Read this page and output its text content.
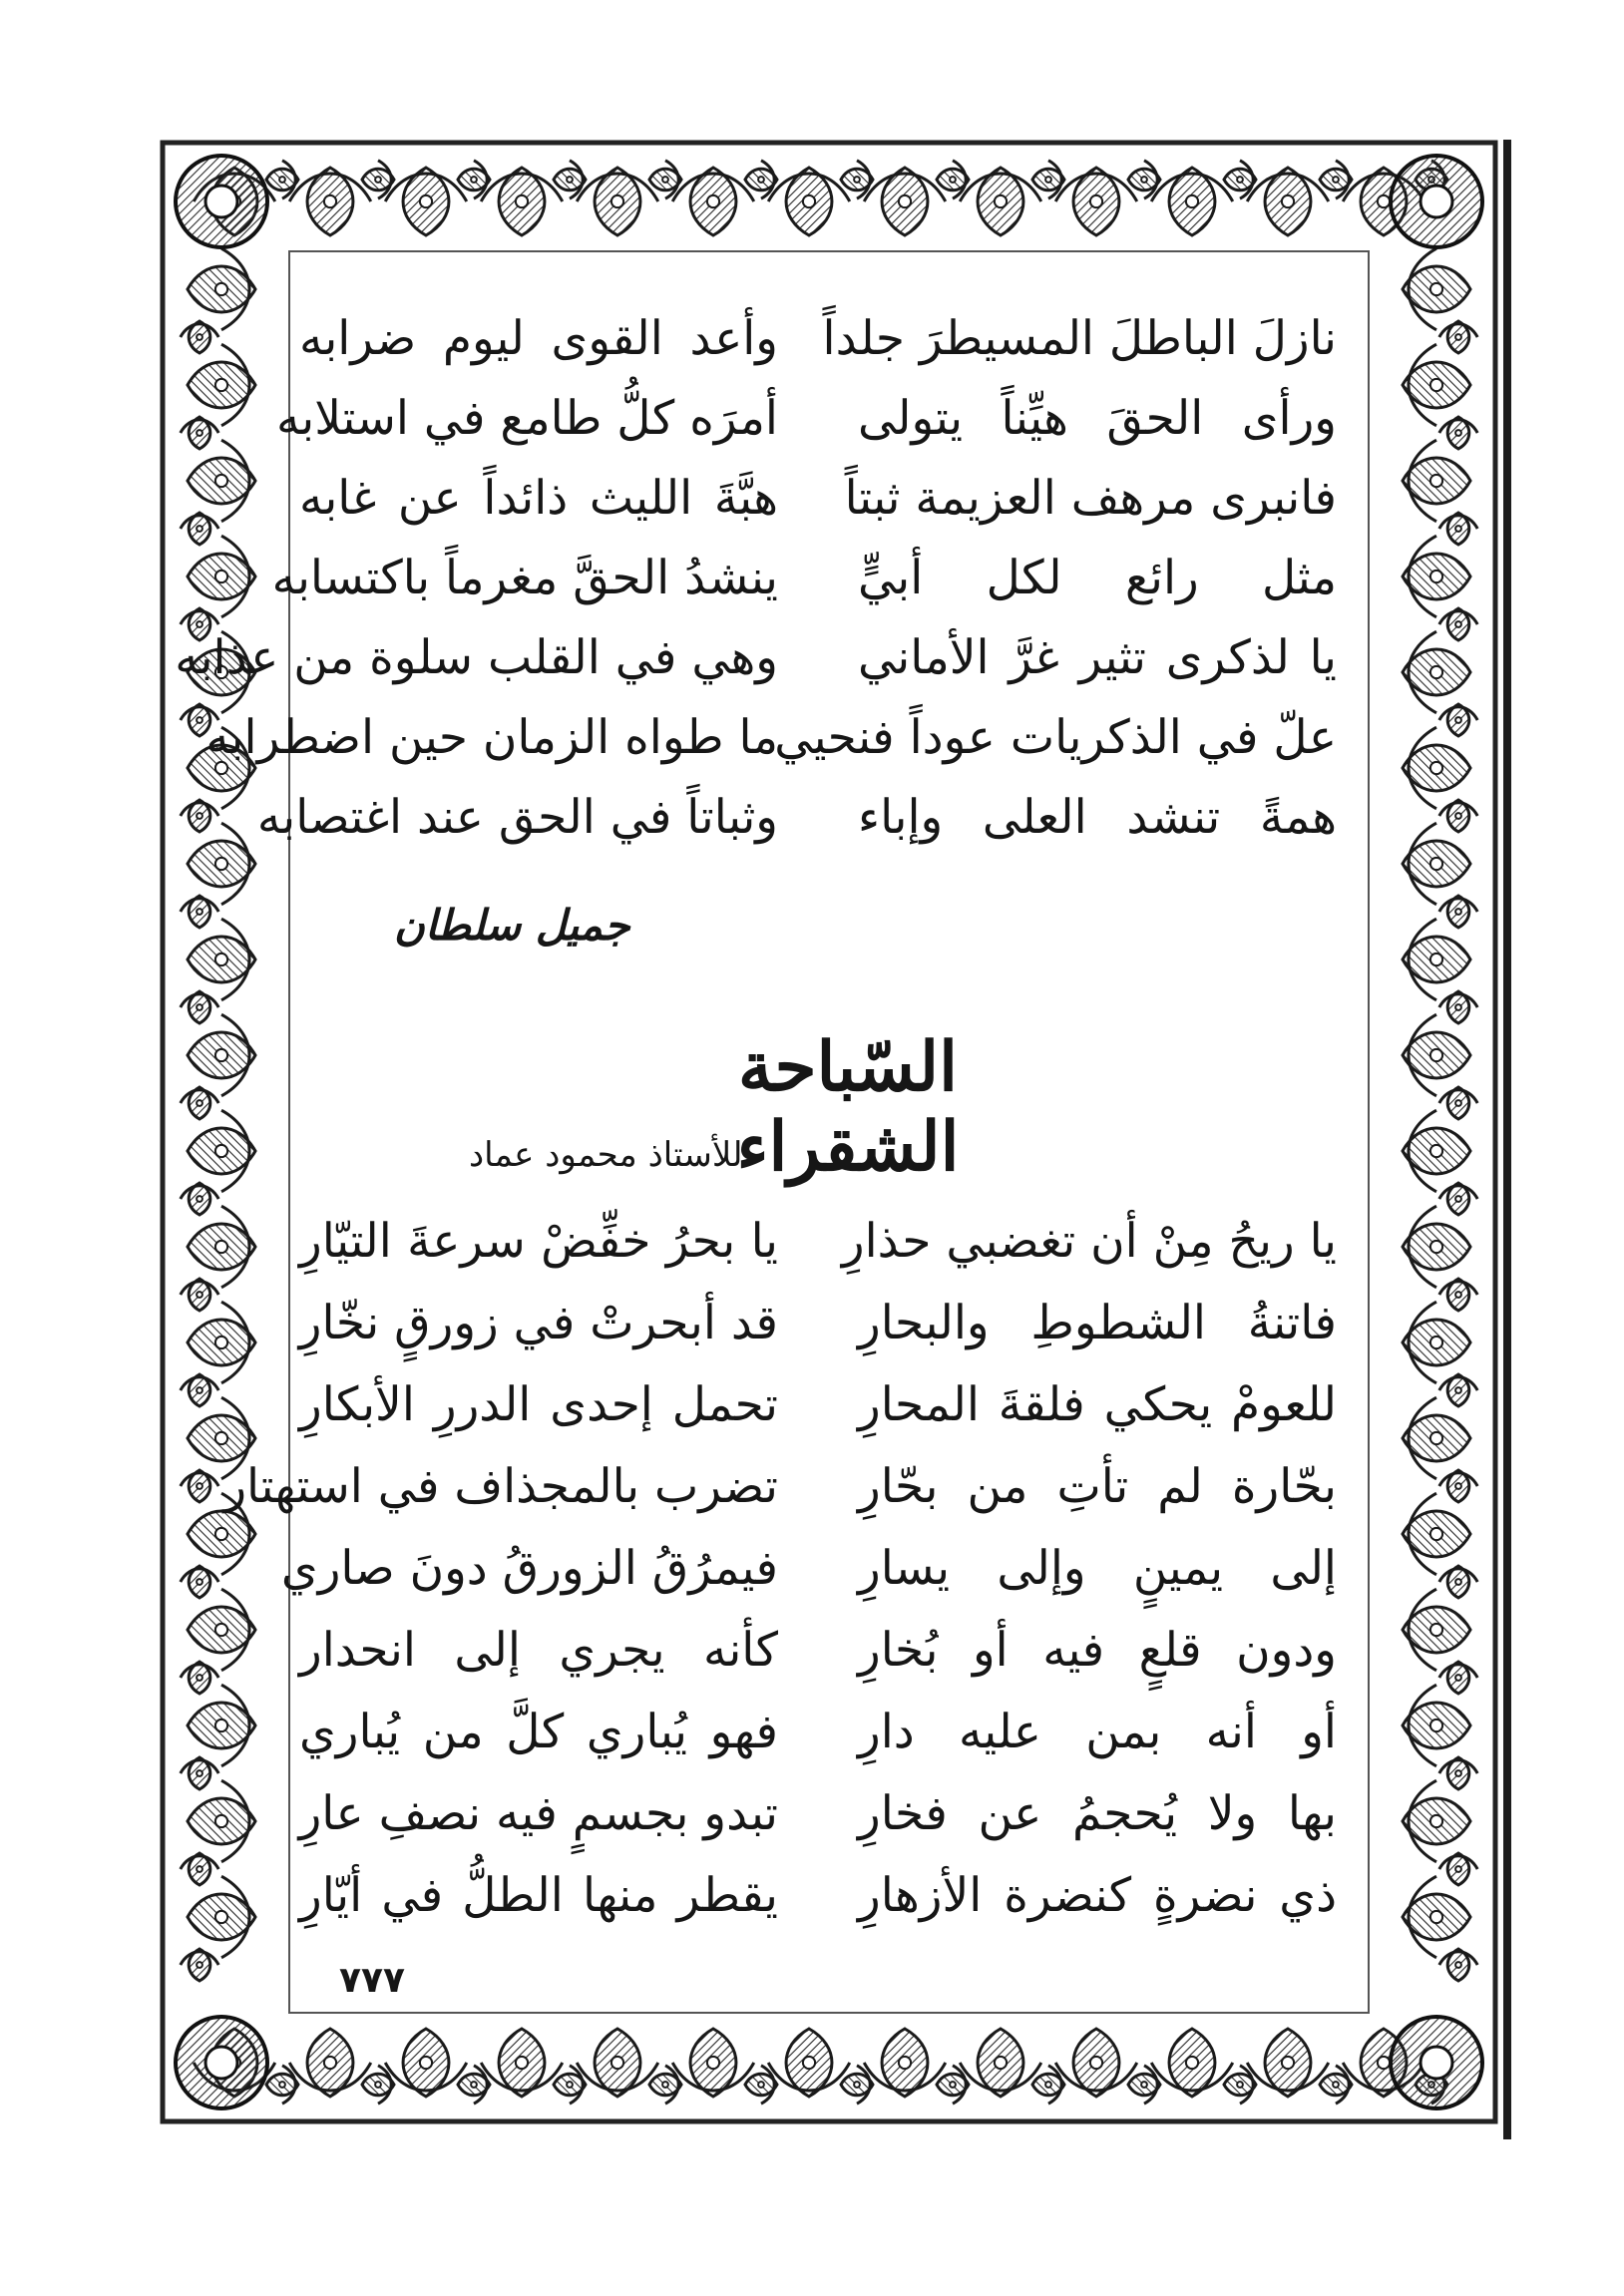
نازلَ الباطلَ المسيطرَ جلداً
وأعد القوى ليوم ضرابه
ورأى الحقَ هيِّناً يتولى
أمرَه كلُّ طامع في استلابه
فانبرى مرهف العزيمة ثبتاً
هبَّةَ الليث ذائداً عن غابه
مثل رائع لكل أبيٍّ
ينشدُ الحقَّ مغرماً باكتسابه
يا لذكرى تثير غرَّ الأماني
وهي في القلب سلوة من عذابه
علّ في الذكريات عوداً فنحيي
ما طواه الزمان حين اضطرابه
همةً تنشد العلى وإباء
وثباتاً في الحق عند اغتصابه
جميل سلطان
السّباحة الشقراء
للأستاذ محمود عماد
يا ريحُ مِنْ أن تغضبي حذارِ
يا بحرُ خفِّضْ سرعةَ التيّارِ
فاتنةُ الشطوطِ والبحارِ
قد أبحرتْ في زورقٍ نخّارِ
للعومْ يحكي فلقةَ المحارِ
تحمل إحدى الدررِ الأبكارِ
بحّارة لم تأتِ من بحّارِ
تضرب بالمجذاف في استهتار
إلى يمينٍ وإلى يسارِ
فيمرُقُ الزورقُ دونَ صاري
ودون قلعٍ فيه أو بُخارِ
كأنه يجري إلى انحدار
أو أنه بمن عليه دارِ
فهو يُباري كلَّ من يُباري
بها ولا يُحجمُ عن فخارِ
تبدو بجسمٍ فيه نصفِ عارِ
ذي نضرةٍ كنضرة الأزهارِ
يقطر منها الطلُّ في أيّارِ
٧٧٧
